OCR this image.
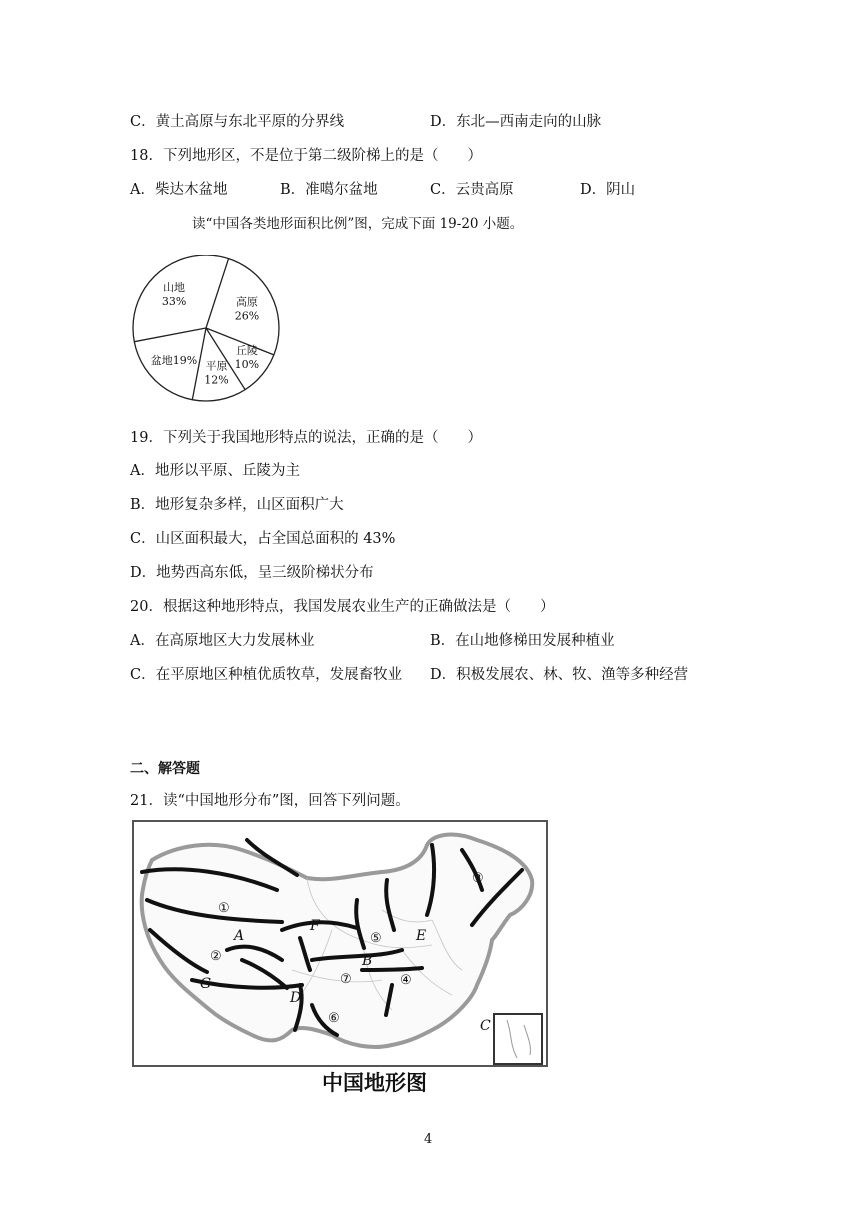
C．黄土高原与东北平原的分界线	D．东北—西南走向的山脉
18．下列地形区，不是位于第二级阶梯上的是（　　）
A．柴达木盆地	B．准噶尔盆地	C．云贵高原	D．阴山
读“中国各类地形面积比例”图，完成下面 19-20 小题。
26%
高原
10%
丘陵
12%
平原
盆地19%
33%
山地
19．下列关于我国地形特点的说法，正确的是（　　）
A．地形以平原、丘陵为主
B．地形复杂多样，山区面积广大
C．山区面积最大，占全国总面积的 43%
D．地势西高东低，呈三级阶梯状分布
20．根据这种地形特点，我国发展农业生产的正确做法是（　　）
A．在高原地区大力发展林业	B．在山地修梯田发展种植业
C．在平原地区种植优质牧草，发展畜牧业 D．积极发展农、林、牧、渔等多种经营
二、解答题
21．读“中国地形分布”图，回答下列问题。
①
②
③
④
⑤
⑥
⑦
A
B
C
D
E
F
G
中国地形图
4
